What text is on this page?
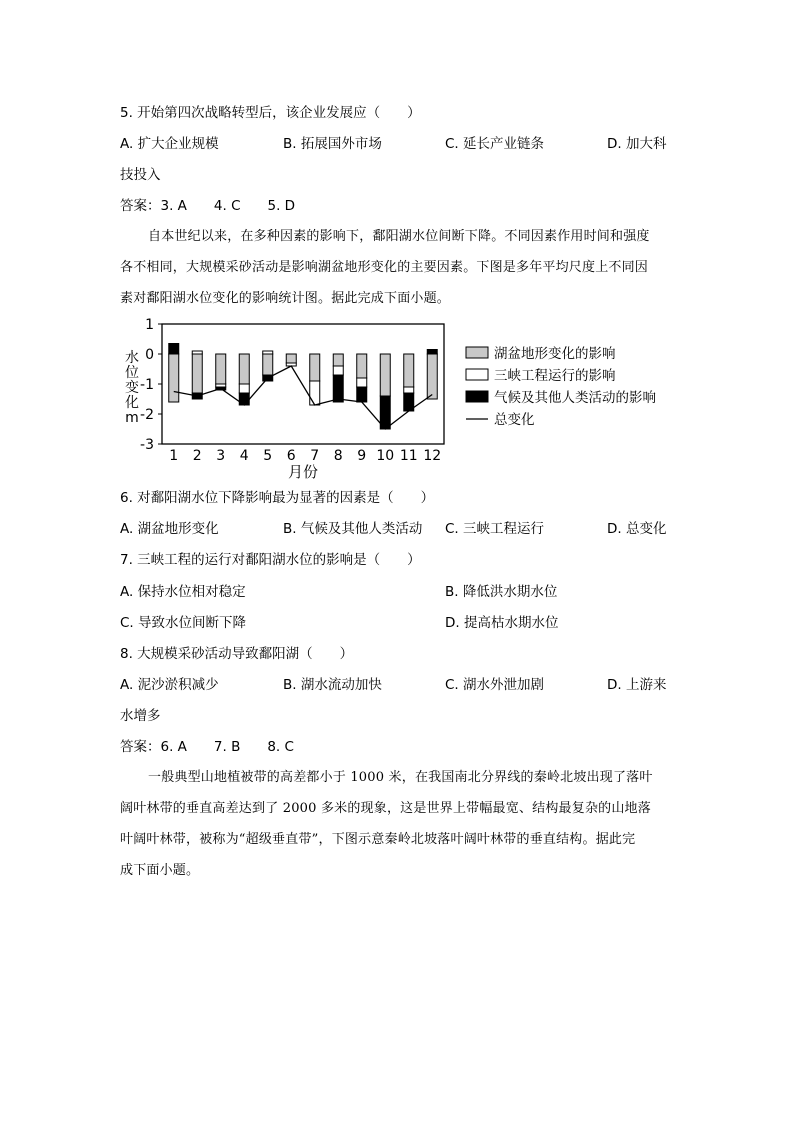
5. 开始第四次战略转型后，该企业发展应（　　）
A. 扩大企业规模	B. 拓展国外市场	C. 延长产业链条	D. 加大科
技投入
答案：3. A　　4. C　　5. D
自本世纪以来，在多种因素的影响下，鄱阳湖水位间断下降。不同因素作用时间和强度
各不相同，大规模采砂活动是影响湖盆地形变化的主要因素。下图是多年平均尺度上不同因
素对鄱阳湖水位变化的影响统计图。据此完成下面小题。
水
位
变
化
m
1
0
-1
-2
-3
1 2 3 4 5 6 7 8 9 10 11 12
月份
湖盆地形变化的影响
三峡工程运行的影响
气候及其他人类活动的影响
总变化
6. 对鄱阳湖水位下降影响最为显著的因素是（　　）
A. 湖盆地形变化	B. 气候及其他人类活动 C. 三峡工程运行	D. 总变化
7. 三峡工程的运行对鄱阳湖水位的影响是（　　）
A. 保持水位相对稳定	B. 降低洪水期水位
C. 导致水位间断下降	D. 提高枯水期水位
8. 大规模采砂活动导致鄱阳湖（　　）
A. 泥沙淤积减少	B. 湖水流动加快	C. 湖水外泄加剧	D. 上游来
水增多
答案：6. A　　7. B　　8. C
一般典型山地植被带的高差都小于 1000 米，在我国南北分界线的秦岭北坡出现了落叶
阔叶林带的垂直高差达到了 2000 多米的现象，这是世界上带幅最宽、结构最复杂的山地落
叶阔叶林带，被称为“超级垂直带”，下图示意秦岭北坡落叶阔叶林带的垂直结构。据此完
成下面小题。
